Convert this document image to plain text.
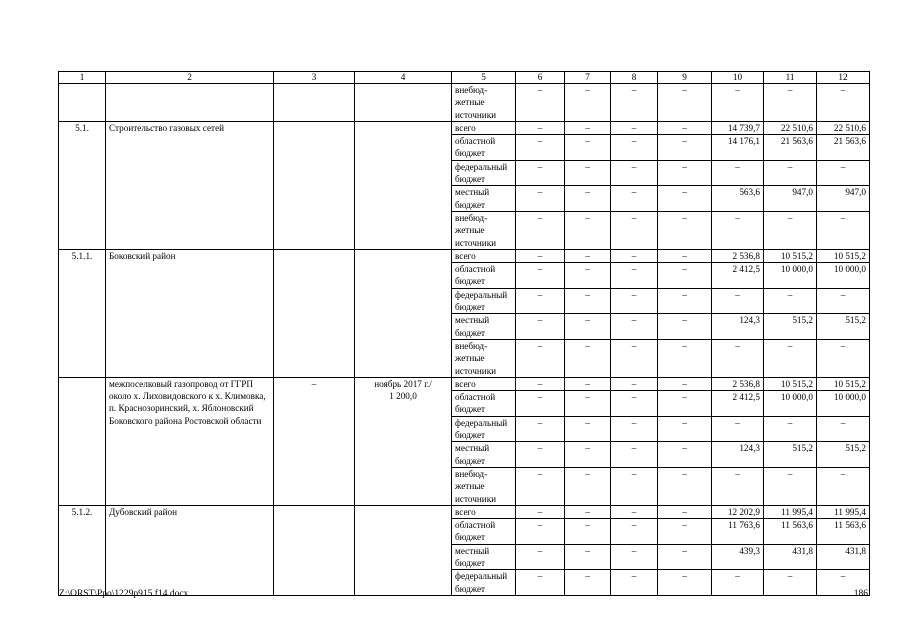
1	2	3	4	5	6	7	8	9	10	11	12
				внебюд-
жетные
источники	–	–	–	–	–	–	–
5.1.	Строительство газовых сетей			всего	–	–	–	–	14 739,7	22 510,6	22 510,6
				областной
бюджет	–	–	–	–	14 176,1	21 563,6	21 563,6
				федеральный
бюджет	–	–	–	–	–	–	–
				местный
бюджет	–	–	–	–	563,6	947,0	947,0
				внебюд-
жетные
источники	–	–	–	–	–	–	–
5.1.1.	Боковский район			всего	–	–	–	–	2 536,8	10 515,2	10 515,2
				областной
бюджет	–	–	–	–	2 412,5	10 000,0	10 000,0
				федеральный
бюджет	–	–	–	–	–	–	–
				местный
бюджет	–	–	–	–	124,3	515,2	515,2
				внебюд-
жетные
источники	–	–	–	–	–	–	–
	межпоселковый газопровод от ГГРП около х. Лиховидовского к х. Климовка, п. Краснозоринский, х. Яблоновский Боковского района Ростовской области	–	ноябрь 2017 г./
1 200,0	всего	–	–	–	–	2 536,8	10 515,2	10 515,2
				областной
бюджет	–	–	–	–	2 412,5	10 000,0	10 000,0
				федеральный
бюджет	–	–	–	–	–	–	–
				местный
бюджет	–	–	–	–	124,3	515,2	515,2
				внебюд-
жетные
источники	–	–	–	–	–	–	–
5.1.2.	Дубовский район			всего	–	–	–	–	12 202,9	11 995,4	11 995,4
				областной
бюджет	–	–	–	–	11 763,6	11 563,6	11 563,6
				местный
бюджет	–	–	–	–	439,3	431,8	431,8
				федеральный
бюджет	–	–	–	–	–	–	–
Z:\ORST\Ppo\1229p915.f14.docx	186
